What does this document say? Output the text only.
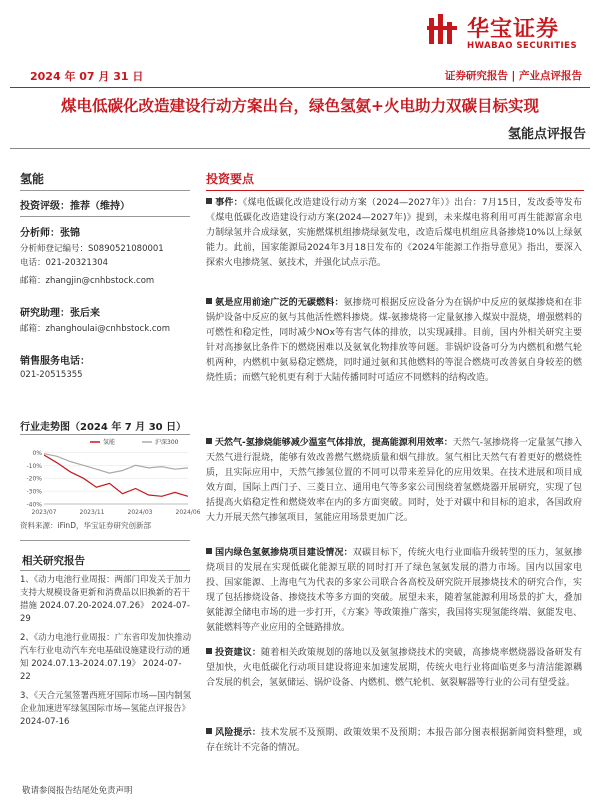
华宝证券
HWABAO SECURITIES
2024 年 07 月 31 日	证券研究报告 | 产业点评报告
煤电低碳化改造建设行动方案出台，绿色氢氨+火电助力双碳目标实现
氢能点评报告
氢能
投资评级：推荐（维持）
分析师：张锦
分析师登记编号：S0890521080001
电话：021-20321304
邮箱：zhangjin@cnhbstock.com
研究助理：张后来
邮箱：zhanghoulai@cnhbstock.com
销售服务电话：
021-20515355
行业走势图（2024 年 7 月 30 日）
0%
-10%
-20%
-30%
-40%
2023/07	2023/11	2024/03	2024/06
氢能	沪深300
资料来源：iFinD，华宝证券研究创新部
相关研究报告
1、《动力电池行业周报：两部门印发关于加力支持大规模设备更新和消费品以旧换新的若干措施 2024.07.20-2024.07.26》 2024-07-29
2、《动力电池行业周报：广东省印发加快推动汽车行业电动汽车充电基础设施建设行动的通知 2024.07.13-2024.07.19》 2024-07-22
3、《天合元氢签署西班牙国际市场—国内制氢企业加速进军绿氢国际市场—氢能点评报告》 2024-07-16
敬请参阅报告结尾处免责声明
投资要点
事件：《煤电低碳化改造建设行动方案（2024—2027年）》出台：7月15日，发改委等发布《煤电低碳化改造建设行动方案(2024—2027年)》提到，未来煤电将利用可再生能源富余电力制绿氢并合成绿氨，实施燃煤机组掺烧绿氨发电，改造后煤电机组应具备掺烧10%以上绿氨能力。此前，国家能源局2024年3月18日发布的《2024年能源工作指导意见》指出，要深入探索火电掺烧氢、氨技术，并强化试点示范。
氨是应用前途广泛的无碳燃料：氨掺烧可根据反应设备分为在锅炉中反应的氨煤掺烧和在非锅炉设备中反应的氨与其他活性燃料掺烧。煤-氨掺烧将一定量氨掺入煤炭中混烧，增强燃料的可燃性和稳定性，同时减少NOx等有害气体的排放，以实现减排。目前，国内外相关研究主要针对高掺氨比条件下的燃烧困难以及氨氧化物排放等问题。非锅炉设备可分为内燃机和燃气轮机两种，内燃机中氨易稳定燃烧，同时通过氨和其他燃料的等混合燃烧可改善氨自身较差的燃烧性质；而燃气轮机更有利于大陆传播同时可适应不同燃料的结构改造。
天然气-氢掺烧能够减少温室气体排放，提高能源利用效率：天然气-氢掺烧将一定量氢气掺入天然气进行混烧，能够有效改善燃气燃烧质量和烟气排放。氢气相比天然气有着更好的燃烧性质，且实际应用中，天然气掺氢位置的不同可以带来差异化的应用效果。在技术进展和项目成效方面，国际上西门子、三菱日立、通用电气等多家公司围绕着氢燃烧器开展研究，实现了包括提高火焰稳定性和燃烧效率在内的多方面突破。同时，处于对碳中和目标的追求，各国政府大力开展天然气掺氢项目，氢能应用场景更加广泛。
国内绿色氢氨掺烧项目建设情况：双碳目标下，传统火电行业面临升级转型的压力，氢氨掺烧项目的发展在实现低碳化能源互联的同时打开了绿色氢氨发展的潜力市场。国内以国家电投、国家能源、上海电气为代表的多家公司联合各高校及研究院开展掺烧技术的研究合作，实现了包括掺烧设备、掺烧技术等多方面的突破。展望未来，随着氢能源利用场景的扩大，叠加氨能源全储电市场的进一步打开，《方案》等政策推广落实，我国将实现氢能终端、氨能发电、氨能燃料等产业应用的全链路排放。
投资建议：随着相关政策规划的落地以及氨氢掺烧技术的突破，高掺烧率燃烧器设备研发有望加快，火电低碳化行动项目建设将迎来加速发展期，传统火电行业将面临更多与清洁能源耦合发展的机会，氢氨储运、锅炉设备、内燃机、燃气轮机、氨裂解器等行业的公司有望受益。
风险提示：技术发展不及预期、政策效果不及预期；本报告部分图表根据新闻资料整理，或存在统计不完备的情况。
